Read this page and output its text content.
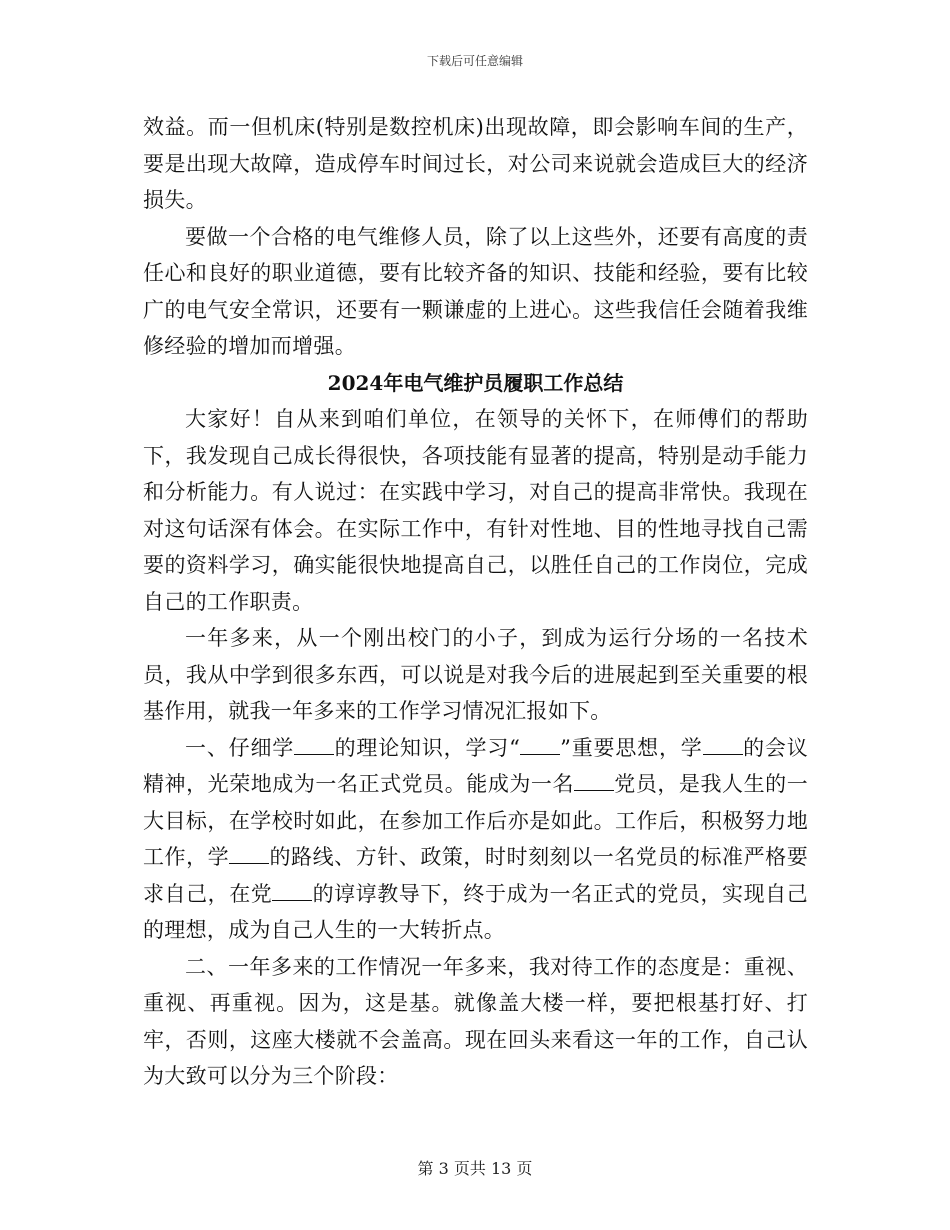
下载后可任意编辑

效益。而一但机床(特别是数控机床)出现故障，即会影响车间的生产，要是出现大故障，造成停车时间过长，对公司来说就会造成巨大的经济损失。

要做一个合格的电气维修人员，除了以上这些外，还要有高度的责任心和良好的职业道德，要有比较齐备的知识、技能和经验，要有比较广的电气安全常识，还要有一颗谦虚的上进心。这些我信任会随着我维修经验的增加而增强。

2024年电气维护员履职工作总结

大家好！自从来到咱们单位，在领导的关怀下，在师傅们的帮助下，我发现自己成长得很快，各项技能有显著的提高，特别是动手能力和分析能力。有人说过：在实践中学习，对自己的提高非常快。我现在对这句话深有体会。在实际工作中，有针对性地、目的性地寻找自己需要的资料学习，确实能很快地提高自己，以胜任自己的工作岗位，完成自己的工作职责。

一年多来，从一个刚出校门的小子，到成为运行分场的一名技术员，我从中学到很多东西，可以说是对我今后的进展起到至关重要的根基作用，就我一年多来的工作学习情况汇报如下。

一、仔细学 的理论知识，学习“ ”重要思想，学 的会议精神，光荣地成为一名正式党员。能成为一名 党员，是我人生的一大目标，在学校时如此，在参加工作后亦是如此。工作后，积极努力地工作，学 的路线、方针、政策，时时刻刻以一名党员的标准严格要求自己，在党 的谆谆教导下，终于成为一名正式的党员，实现自己的理想，成为自己人生的一大转折点。

二、一年多来的工作情况一年多来，我对待工作的态度是：重视、重视、再重视。因为，这是基。就像盖大楼一样，要把根基打好、打牢，否则，这座大楼就不会盖高。现在回头来看这一年的工作，自己认为大致可以分为三个阶段：

第 3 页共 13 页
